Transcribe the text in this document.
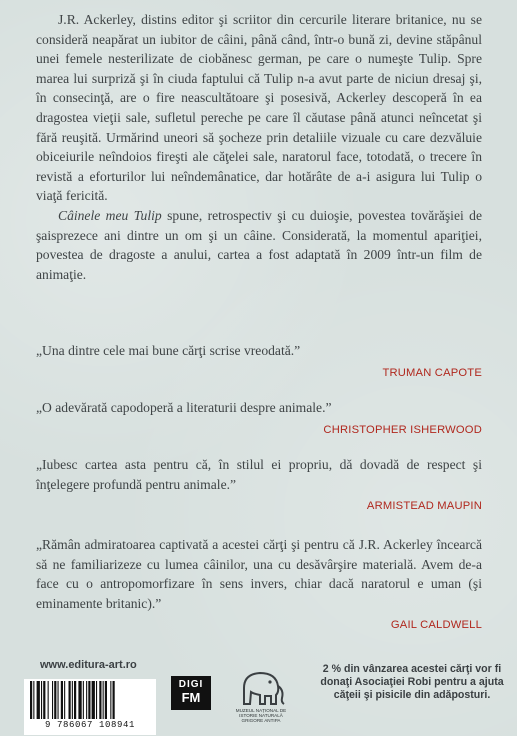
J.R. Ackerley, distins editor şi scriitor din cercurile literare britanice, nu se consideră neapărat un iubitor de câini, până când, într-o bună zi, devine stăpânul unei femele nesterilizate de ciobănesc german, pe care o numeşte Tulip. Spre marea lui surpriză şi în ciuda faptului că Tulip n-a avut parte de niciun dresaj şi, în consecinţă, are o fire neascultătoare şi posesivă, Ackerley descoperă în ea dragostea vieţii sale, sufletul pereche pe care îl căutase până atunci neîncetat şi fără reuşită. Urmărind uneori să şocheze prin detaliile vizuale cu care dezvăluie obiceiurile neîndoios fireşti ale căţelei sale, naratorul face, totodată, o trecere în revistă a eforturilor lui neîndemânatice, dar hotărâte de a-i asigura lui Tulip o viaţă fericită.

Câinele meu Tulip spune, retrospectiv şi cu duioşie, povestea tovărăşiei de şaisprezece ani dintre un om şi un câine. Considerată, la momentul apariţiei, povestea de dragoste a anului, cartea a fost adaptată în 2009 într-un film de animaţie.

„Una dintre cele mai bune cărţi scrise vreodată.”

TRUMAN CAPOTE

„O adevărată capodoperă a literaturii despre animale.”

CHRISTOPHER ISHERWOOD

„Iubesc cartea asta pentru că, în stilul ei propriu, dă dovadă de respect şi înţelegere profundă pentru animale.”

ARMISTEAD MAUPIN

„Rămân admiratoarea captivată a acestei cărţi şi pentru că J.R. Ackerley încearcă să ne familiarizeze cu lumea câinilor, una cu desăvârşire materială. Avem de-a face cu o antropomorfizare în sens invers, chiar dacă naratorul e uman (şi eminamente britanic).”

GAIL CALDWELL
www.editura-art.ro
9 786067 108941
DIGI
FM
MUZEUL NAȚIONAL DE ISTORIE NATURALĂ GRIGORE ANTIPA
2 % din vânzarea acestei cărţi vor fi donaţi Asociaţiei Robi pentru a ajuta căţeii şi pisicile din adăposturi.
